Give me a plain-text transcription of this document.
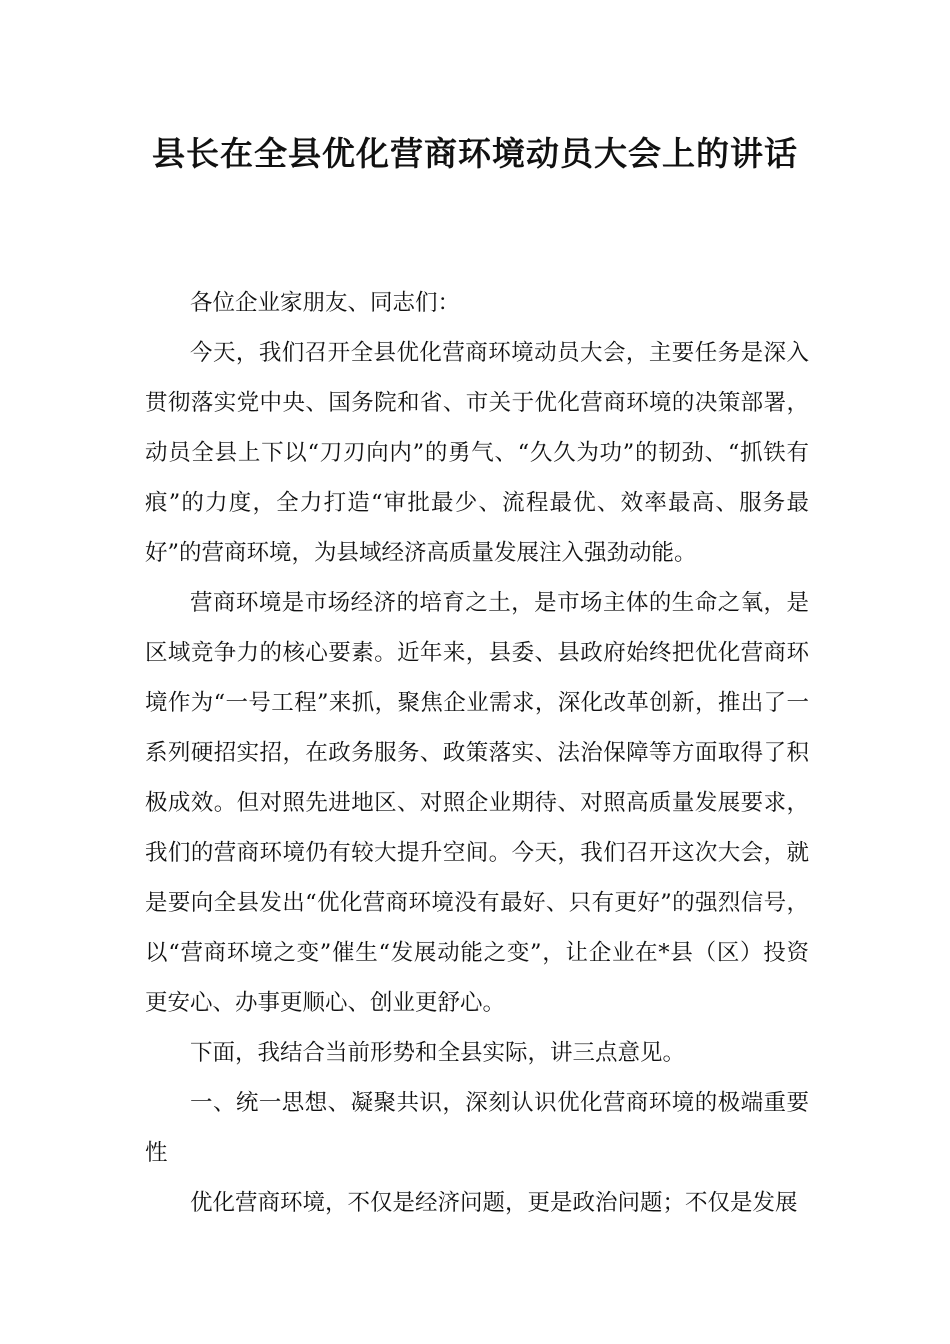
县长在全县优化营商环境动员大会上的讲话

各位企业家朋友、同志们：

今天，我们召开全县优化营商环境动员大会，主要任务是深入贯彻落实党中央、国务院和省、市关于优化营商环境的决策部署，动员全县上下以“刀刃向内”的勇气、“久久为功”的韧劲、“抓铁有痕”的力度，全力打造“审批最少、流程最优、效率最高、服务最好”的营商环境，为县域经济高质量发展注入强劲动能。

营商环境是市场经济的培育之土，是市场主体的生命之氧，是区域竞争力的核心要素。近年来，县委、县政府始终把优化营商环境作为“一号工程”来抓，聚焦企业需求，深化改革创新，推出了一系列硬招实招，在政务服务、政策落实、法治保障等方面取得了积极成效。但对照先进地区、对照企业期待、对照高质量发展要求，我们的营商环境仍有较大提升空间。今天，我们召开这次大会，就是要向全县发出“优化营商环境没有最好、只有更好”的强烈信号，以“营商环境之变”催生“发展动能之变”，让企业在*县（区）投资更安心、办事更顺心、创业更舒心。

下面，我结合当前形势和全县实际，讲三点意见。

一、统一思想、凝聚共识，深刻认识优化营商环境的极端重要性

优化营商环境，不仅是经济问题，更是政治问题；不仅是发展
